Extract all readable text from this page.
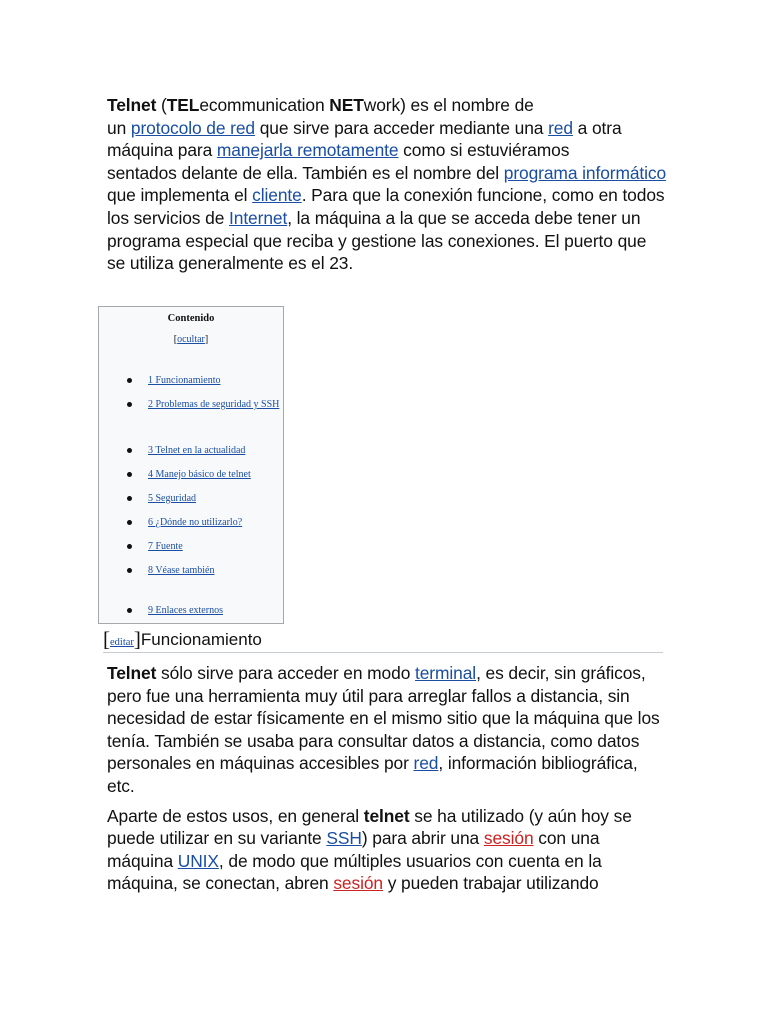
Telnet (TELecommunication NETwork) es el nombre de
un protocolo de red que sirve para acceder mediante una red a otra
máquina para manejarla remotamente como si estuviéramos
sentados delante de ella. También es el nombre del programa informático que implementa el cliente. Para que la conexión funcione, como en todos los servicios de Internet, la máquina a la que se acceda debe tener un programa especial que reciba y gestione las conexiones. El puerto que se utiliza generalmente es el 23.

Contenido
[ocultar]
1 Funcionamiento
2 Problemas de seguridad y SSH
3 Telnet en la actualidad
4 Manejo básico de telnet
5 Seguridad
6 ¿Dónde no utilizarlo?
7 Fuente
8 Véase también
9 Enlaces externos
[editar]Funcionamiento

Telnet sólo sirve para acceder en modo terminal, es decir, sin gráficos, pero fue una herramienta muy útil para arreglar fallos a distancia, sin necesidad de estar físicamente en el mismo sitio que la máquina que los tenía. También se usaba para consultar datos a distancia, como datos personales en máquinas accesibles por red, información bibliográfica, etc.

Aparte de estos usos, en general telnet se ha utilizado (y aún hoy se puede utilizar en su variante SSH) para abrir una sesión con una máquina UNIX, de modo que múltiples usuarios con cuenta en la máquina, se conectan, abren sesión y pueden trabajar utilizando
